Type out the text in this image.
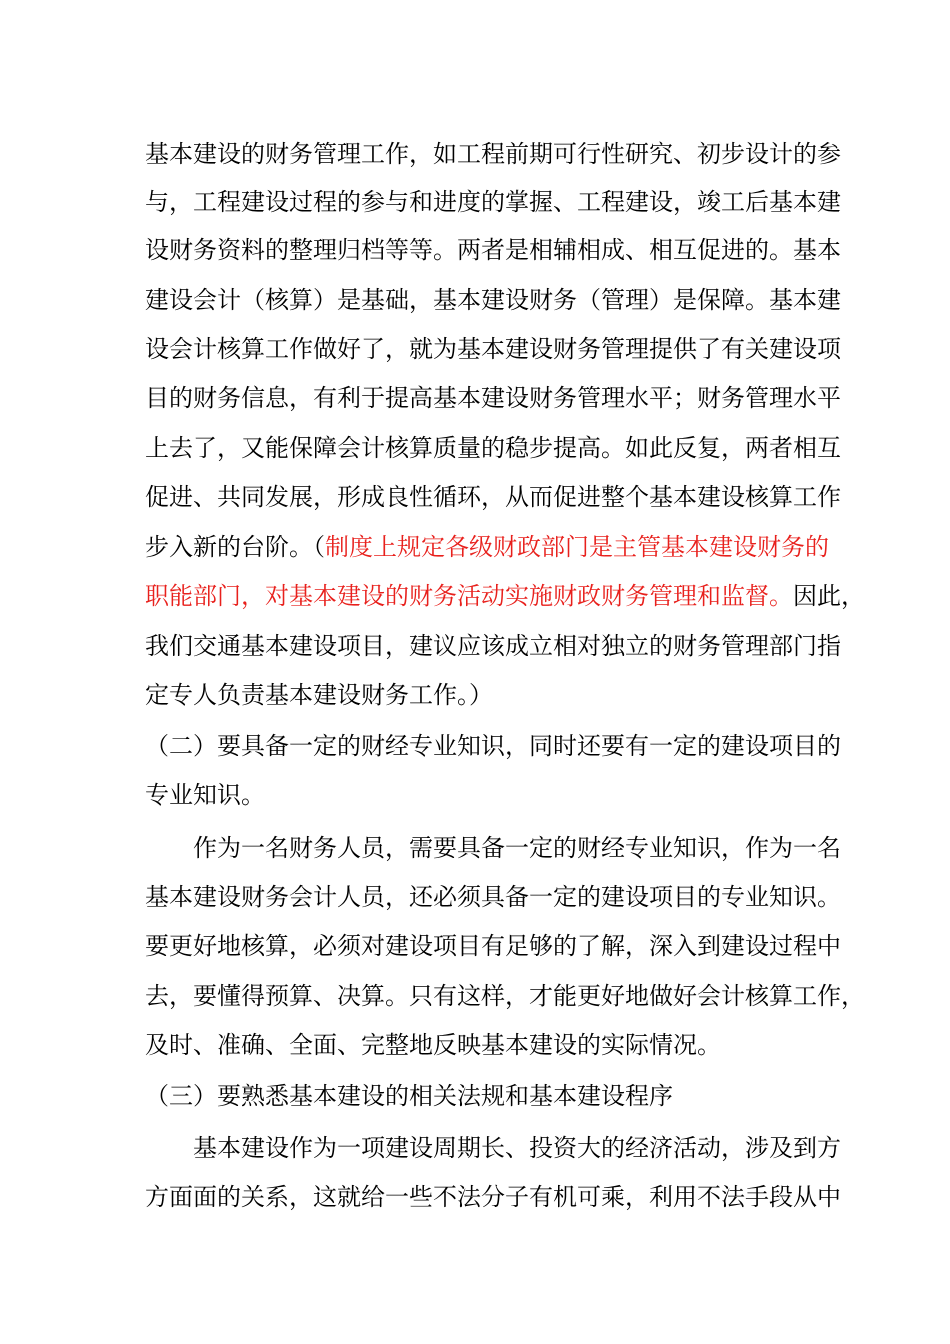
基本建设的财务管理工作，如工程前期可行性研究、初步设计的参

与，工程建设过程的参与和进度的掌握、工程建设，竣工后基本建

设财务资料的整理归档等等。两者是相辅相成、相互促进的。基本

建设会计（核算）是基础，基本建设财务（管理）是保障。基本建

设会计核算工作做好了，就为基本建设财务管理提供了有关建设项

目的财务信息，有利于提高基本建设财务管理水平；财务管理水平

上去了，又能保障会计核算质量的稳步提高。如此反复，两者相互

促进、共同发展，形成良性循环，从而促进整个基本建设核算工作

步入新的台阶。（制度上规定各级财政部门是主管基本建设财务的

职能部门，对基本建设的财务活动实施财政财务管理和监督。因此，

我们交通基本建设项目，建议应该成立相对独立的财务管理部门指

定专人负责基本建设财务工作。）

（二）要具备一定的财经专业知识，同时还要有一定的建设项目的

专业知识。

作为一名财务人员，需要具备一定的财经专业知识，作为一名

基本建设财务会计人员，还必须具备一定的建设项目的专业知识。

要更好地核算，必须对建设项目有足够的了解，深入到建设过程中

去，要懂得预算、决算。只有这样，才能更好地做好会计核算工作，

及时、准确、全面、完整地反映基本建设的实际情况。

（三）要熟悉基本建设的相关法规和基本建设程序

基本建设作为一项建设周期长、投资大的经济活动，涉及到方

方面面的关系，这就给一些不法分子有机可乘，利用不法手段从中
